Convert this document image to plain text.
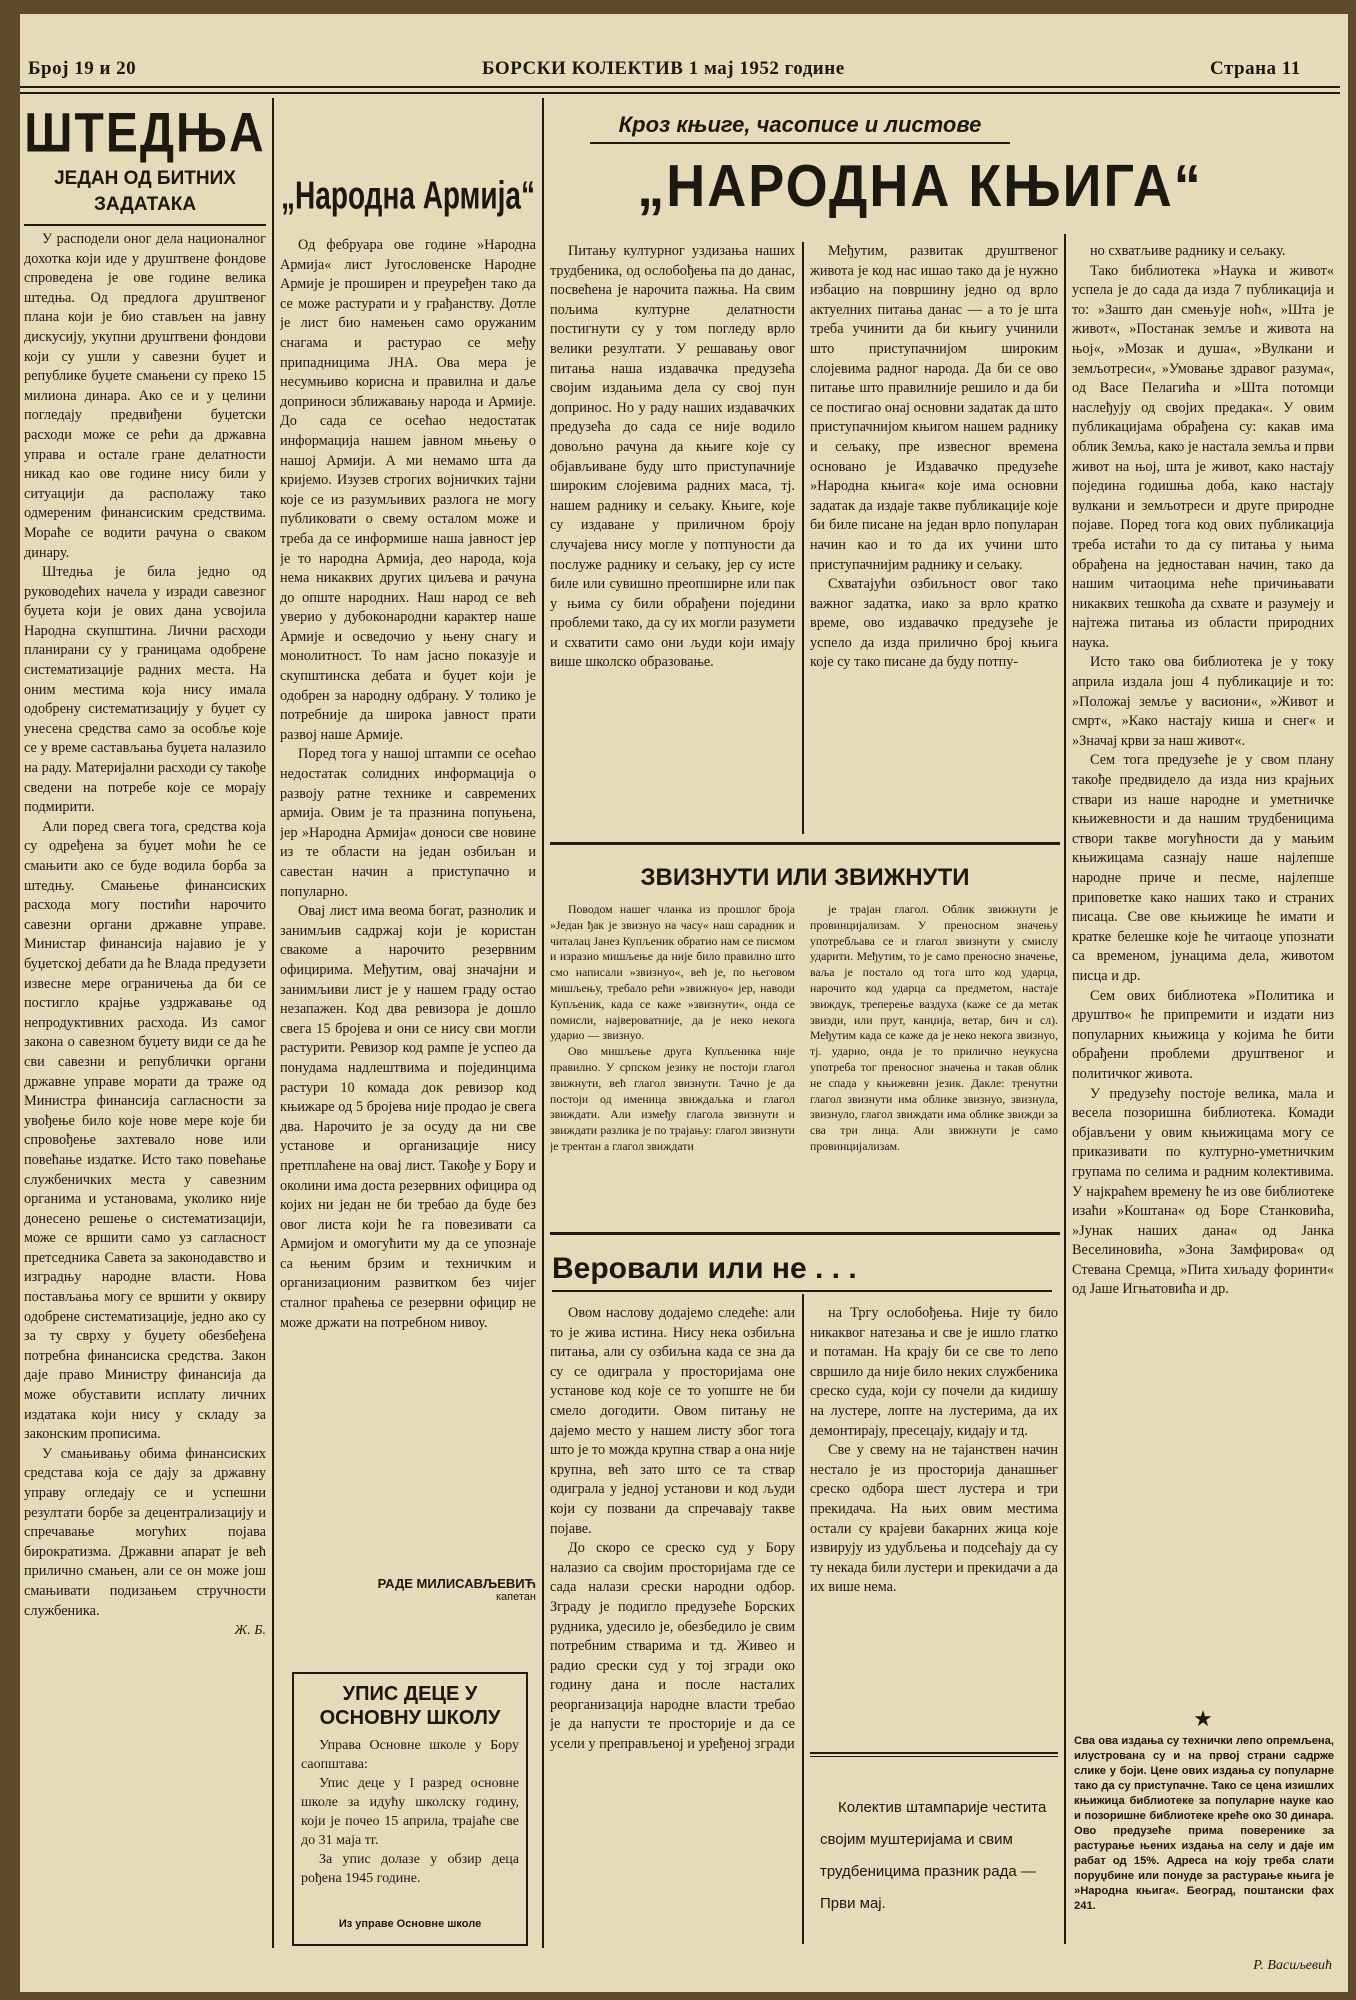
Број 19 и 20	БОРСКИ КОЛЕКТИВ 1 мај 1952 године	Страна 11
ШТЕДЊА
ЈЕДАН ОД БИТНИХ ЗАДАТАКА

У расподели оног дела националног дохотка који иде у друштвене фондове спроведена је ове године велика штедња. Од предлога друштвеног плана који је био стављен на јавну дискусију, укупни друштвени фондови који су ушли у савезни буџет и републике буџете смањени су преко 15 милиона динара. Ако се и у целини погледају предвиђени буџетски расходи може се рећи да државна управа и остале гране делатности никад као ове године нису били у ситуацији да располажу тако одмереним финансиским средствима. Мораће се водити рачуна о сваком динару.

Штедња је била једно од руководећих начела у изради савезног буџета који је ових дана усвојила Народна скупштина. Лични расходи планирани су у границама одобрене систематизације радних места. На оним местима која нису имала одобрену систематизацију у буџет су унесена средства само за особље које се у време састављања буџета налазило на раду. Материјални расходи су такође сведени на потребе које се морају подмирити.

Али поред свега тога, средства која су одређена за буџет моћи ће се смањити ако се буде водила борба за штедњу. Смањење финансиских расхода могу постићи нарочито савезни органи државне управе. Министар финансија најавио је у буџетској дебати да ће Влада предузети извесне мере ограничења да би се постигло крајње уздржавање од непродуктивних расхода. Из самог закона о савезном буџету види се да ће сви савезни и републички органи државне управе морати да траже од Министра финансија сагласности за увођење било које нове мере које би спровођење захтевало нове или повећање издатке. Исто тако повећање службеничких места у савезним органима и установама, уколико није донесено решење о систематизацији, може се вршити само уз сагласност претседника Савета за законодавство и изградњу народне власти. Нова постављања могу се вршити у оквиру одобрене систематизације, једно ако су за ту сврху у буџету обезбеђена потребна финансиска средства. Закон даје право Министру финансија да може обуставити исплату личних издатака који нису у складу за законским прописима.

У смањивању обима финансиских средстава која се дају за државну управу огледају се и успешни резултати борбе за децентрализацију и спречавање могућих појава бирократизма. Државни апарат је већ прилично смањен, али се он може још смањивати подизањем стручности службеника.

Ж. Б.
„Народна Армија“

Од фебруара ове године »Народна Армија« лист Југословенске Народне Армије је проширен и преуређен тако да се може растурати и у грађанству. Дотле је лист био намењен само оружаним снагама и растурао се међу припадницима ЈНА. Ова мера је несумњиво корисна и правилна и даље доприноси зближавању народа и Армије. До сада се осећао недостатак информација нашем јавном мњењу о нашој Армији. А ми немамо шта да кријемо. Изузев строгих војничких тајни које се из разумљивих разлога не могу публиковати о свему осталом може и треба да се информише наша јавност јер је то народна Армија, део народа, која нема никаквих других циљева и рачуна до опште народних. Наш народ се већ уверио у дубоконародни карактер наше Армије и осведочио у њену снагу и монолитност. То нам јасно показује и скупштинска дебата и буџет који је одобрен за народну одбрану. У толико је потребније да широка јавност прати развој наше Армије.

Поред тога у нашој штампи се осећао недостатак солидних информација о развоју ратне технике и савремених армија. Овим је та празнина попуњена, јер »Народна Армија« доноси све новине из те области на један озбиљан и савестан начин а приступачно и популарно.

Овај лист има веома богат, разнолик и занимљив садржај који је користан свакоме а нарочито резервним официрима. Међутим, овај значајни и занимљиви лист је у нашем граду остао незапажен. Код два ревизора је дошло свега 15 бројева и они се нису сви могли растурити. Ревизор код рампе је успео да понудама надлештвима и појединцима растури 10 комада док ревизор код књижаре од 5 бројева није продао је свега два. Нарочито је за осуду да ни све установе и организације нису претплаћене на овај лист. Такође у Бору и околини има доста резервних официра од којих ни један не би требао да буде без овог листа који ће га повезивати са Армијом и омогућити му да се упознаје са њеним брзим и техничким и организационим развитком без чијег сталног праћења се резервни официр не може држати на потребном нивоу.

РАДЕ МИЛИСАВЉЕВИЋ
капетан
УПИС ДЕЦЕ У ОСНОВНУ ШКОЛУ

Управа Основне школе у Бору саопштава:

Упис деце у I разред основне школе за идућу школску годину, који је почео 15 априла, трајаће све до 31 маја тг.

За упис долазе у обзир деца рођена 1945 године.

Из управе Основне школе
Кроз књиге, часописе и листове
„НАРОДНА КЊИГА“

Питању културног уздизања наших трудбеника, од ослобођења па до данас, посвећена је нарочита пажња. На свим пољима културне делатности постигнути су у том погледу врло велики резултати. У решавању овог питања наша издавачка предузећа својим издањима дела су свој пун допринос. Но у раду наших издавачких предузећа до сада се није водило довољно рачуна да књиге које су објављиване буду што приступачније широким слојевима радних маса, тј. нашем раднику и сељаку. Књиге, које су издаване у приличном броју случајева нису могле у потпуности да послуже раднику и сељаку, јер су исте биле или сувишно преопширне или пак у њима су били обрађени поједини проблеми тако, да су их могли разумети и схватити само они људи који имају више школско образовање.

Међутим, развитак друштвеног живота је код нас ишао тако да је нужно избацио на површину једно од врло актуелних питања данас — а то је шта треба учинити да би књигу учинили што приступачнијом широким слојевима радног народа. Да би се ово питање што правилније решило и да би се постигао онај основни задатак да што приступачнијом књигом нашем раднику и сељаку, пре извесног времена основано је Издавачко предузеће »Народна књига« које има основни задатак да издаје такве публикације које би биле писане на један врло популаран начин као и то да их учини што приступачнијим раднику и сељаку.

Схватајући озбиљност овог тако важног задатка, иако за врло кратко време, ово издавачко предузеће је успело да изда прилично број књига које су тако писане да буду потпу-

но схватљиве раднику и сељаку.

Тако библиотека »Наука и живот« успела је до сада да изда 7 публикација и то: »Зашто дан смењује ноћ«, »Шта је живот«, »Постанак земље и живота на њој«, »Мозак и душа«, »Вулкани и земљотреси«, »Умовање здравог разума«, од Васе Пелагића и »Шта потомци наслеђују од својих предака«. У овим публикацијама обрађена су: какав има облик Земља, како је настала земља и први живот на њој, шта је живот, како настају поједина годишња доба, како настају вулкани и земљотреси и друге природне појаве. Поред тога код ових публикација треба истаћи то да су питања у њима обрађена на једноставан начин, тако да нашим читаоцима неће причињавати никаквих тешкоћа да схвате и разумеју и најтежа питања из области природних наука.

Исто тако ова библиотека је у току априла издала још 4 публикације и то: »Положај земље у васиони«, »Живот и смрт«, »Како настају киша и снег« и »Значај крви за наш живот«.

Сем тога предузеће је у свом плану такође предвидело да изда низ крајњих ствари из наше народне и уметничке књижевности и да нашим трудбеницима створи такве могућности да у мањим књижицама сазнају наше најлепше народне приче и песме, најлепше приповетке како наших тако и страних писаца. Све ове књижице ће имати и кратке белешке које ће читаоце упознати са временом, јунацима дела, животом писца и др.

Сем ових библиотека »Политика и друштво« ће припремити и издати низ популарних књижица у којима ће бити обрађени проблеми друштвеног и политичког живота.

У предузећу постоје велика, мала и весела позоришна библиотека. Комади објављени у овим књижицама могу се приказивати по културно-уметничким групама по селима и радним колективима. У најкраћем времену ће из ове библиотеке изаћи »Коштана« од Боре Станковића, »Јунак наших дана« од Јанка Веселиновића, »Зона Замфирова« од Стевана Сремца, »Пита хиљаду форинти« од Јаше Игњатовића и др.

★
Сва ова издања су технички лепо опремљена, илустрована су и на првој страни садрже слике у боји. Цене ових издања су популарне тако да су приступачне. Тако се цена изишлих књижица библиотеке за популарне науке као и позоришне библиотеке креће око 30 динара. Ово предузеће прима поверенике за растурање њених издања на селу и даје им рабат од 15%. Адреса на коју треба слати поруџбине или понуде за растурање књига је »Народна књига«. Београд, поштански фах 241.
Р. Васиљевић
ЗВИЗНУТИ ИЛИ ЗВИЖНУТИ

Поводом нашег чланка из прошлог броја »Један ђак је звизнуо на часу« наш сарадник и читалац Јанез Купљеник обратио нам се писмом и изразио мишљење да није било правилно што смо написали »звизнуо«, већ је, по његовом мишљењу, требало рећи »звижнуо« јер, наводи Купљеник, када се каже »звизнути«, онда се помисли, највероватније, да је неко некога ударио — звизнуо.

Ово мишљење друга Купљеника није правилно. У српском језику не постоји глагол звижнути, већ глагол звизнути. Тачно је да постоји од именица звиждаљка и глагол звиждати. Али између глагола звизнути и звиждати разлика је по трајању: глагол звизнути је трентан а глагол звиждати

је трајан глагол. Облик звижнути је провинцијализам. У преносном значењу употребљава се и глагол звизнути у смислу ударити. Међутим, то је само преносно значење, ваља је постало од тога што код ударца, нарочито код ударца са предметом, настаје звиждук, треперење ваздуха (каже се да метак звизди, или прут, канџија, ветар, бич и сл). Међутим када се каже да је неко некога звизнуо, тј. ударио, онда је то прилично неукусна употреба тог преносног значења и такав облик не спада у књижевни језик. Дакле: тренутни глагол звизнути има облике звизнуо, звизнула, звизнуло, глагол звиждати има облике звижди за сва три лица. Али звижнути је само провинцијализам.

Веровали или не . . .

Овом наслову додајемо следеће: али то је жива истина. Нису нека озбиљна питања, али су озбиљна када се зна да су се одиграла у просторијама оне установе код које се то уопште не би смело догодити. Овом питању не дајемо место у нашем листу због тога што је то можда крупна ствар а она није крупна, већ зато што се та ствар одиграла у једној установи и код људи који су позвани да спречавају такве појаве.

До скоро се среско суд у Бору налазио са својим просторијама где се сада налази срески народни одбор. Зграду је подигло предузеће Борских рудника, удесило је, обезбедило је свим потребним стварима и тд. Живео и радио срески суд у тој згради око годину дана и после насталих реорганизација народне власти требао је да напусти те просторије и да се усели у преправљеној и уређеној згради

на Тргу ослобођења. Није ту било никаквог натезања и све је ишло глатко и потаман. На крају би се све то лепо свршило да није било неких службеника среско суда, који су почели да кидишу на лустере, лопте на лустерима, да их демонтирају, пресецају, кидају и тд.

Све у свему на не тајанствен начин нестало је из просторија данашњег среско одбора шест лустера и три прекидача. На њих овим местима остали су крајеви бакарних жица које извирују из удубљења и подсећају да су ту некада били лустери и прекидачи а да их више нема.

Колектив штампарије честита својим муштеријама и свим трудбеницима празник рада — Први мај.
